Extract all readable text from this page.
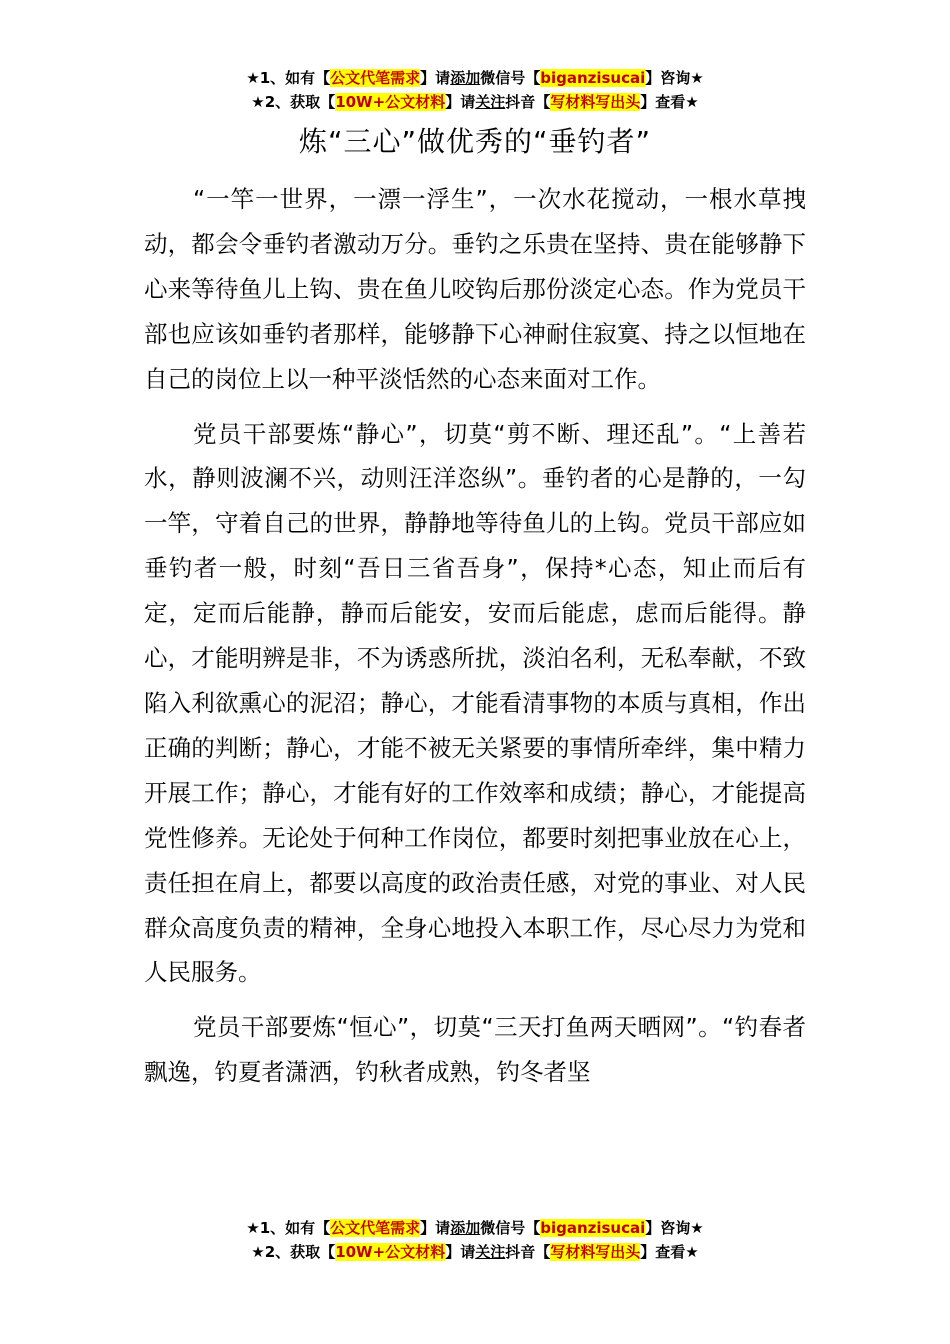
★1、如有【公文代笔需求】请添加微信号【biganzisucai】咨询★
★2、获取【10W+公文材料】请关注抖音【写材料写出头】查看★
炼“三心”做优秀的“垂钓者”

“一竿一世界，一漂一浮生”，一次水花搅动，一根水草拽动，都会令垂钓者激动万分。垂钓之乐贵在坚持、贵在能够静下心来等待鱼儿上钩、贵在鱼儿咬钩后那份淡定心态。作为党员干部也应该如垂钓者那样，能够静下心神耐住寂寞、持之以恒地在自己的岗位上以一种平淡恬然的心态来面对工作。

党员干部要炼“静心”，切莫“剪不断、理还乱”。“上善若水，静则波澜不兴，动则汪洋恣纵”。垂钓者的心是静的，一勾一竿，守着自己的世界，静静地等待鱼儿的上钩。党员干部应如垂钓者一般，时刻“吾日三省吾身”，保持*心态，知止而后有定，定而后能静，静而后能安，安而后能虑，虑而后能得。静心，才能明辨是非，不为诱惑所扰，淡泊名利，无私奉献，不致陷入利欲熏心的泥沼；静心，才能看清事物的本质与真相，作出正确的判断；静心，才能不被无关紧要的事情所牵绊，集中精力开展工作；静心，才能有好的工作效率和成绩；静心，才能提高党性修养。无论处于何种工作岗位，都要时刻把事业放在心上，责任担在肩上，都要以高度的政治责任感，对党的事业、对人民群众高度负责的精神，全身心地投入本职工作，尽心尽力为党和人民服务。

党员干部要炼“恒心”，切莫“三天打鱼两天晒网”。“钓春者飘逸，钓夏者潇洒，钓秋者成熟，钓冬者坚

★1、如有【公文代笔需求】请添加微信号【biganzisucai】咨询★
★2、获取【10W+公文材料】请关注抖音【写材料写出头】查看★
